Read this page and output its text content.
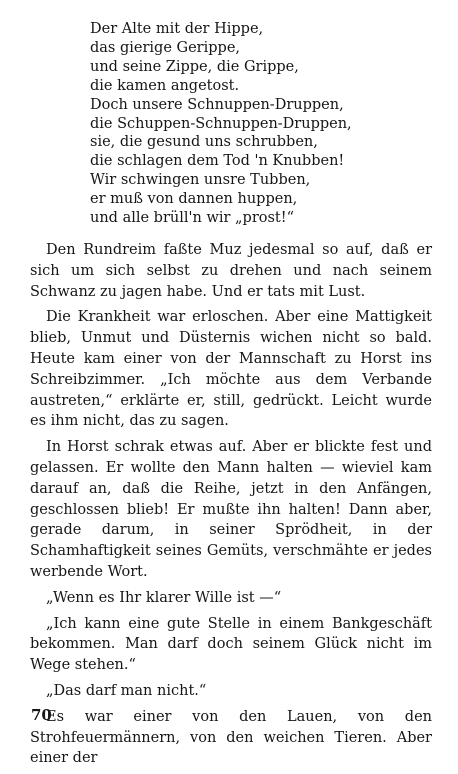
Der Alte mit der Hippe,
das gierige Gerippe,
und seine Zippe, die Grippe,
die kamen angetost.
Doch unsere Schnuppen-Druppen,
die Schuppen-Schnuppen-Druppen,
sie, die gesund uns schrubben,
die schlagen dem Tod 'n Knubben!
Wir schwingen unsre Tubben,
er muß von dannen huppen,
und alle brüll'n wir „prost!“

Den Rundreim faßte Muz jedesmal so auf, daß er sich um sich selbst zu drehen und nach seinem Schwanz zu jagen habe. Und er tats mit Lust.

Die Krankheit war erloschen. Aber eine Mattigkeit blieb, Unmut und Düsternis wichen nicht so bald. Heute kam einer von der Mannschaft zu Horst ins Schreibzimmer. „Ich möchte aus dem Verbande austreten,“ erklärte er, still, gedrückt. Leicht wurde es ihm nicht, das zu sagen.

In Horst schrak etwas auf. Aber er blickte fest und gelassen. Er wollte den Mann halten — wieviel kam darauf an, daß die Reihe, jetzt in den Anfängen, geschlossen blieb! Er mußte ihn halten! Dann aber, gerade darum, in seiner Sprödheit, in der Schamhaftigkeit seines Gemüts, verschmähte er jedes werbende Wort.

„Wenn es Ihr klarer Wille ist —“

„Ich kann eine gute Stelle in einem Bankgeschäft bekommen. Man darf doch seinem Glück nicht im Wege stehen.“

„Das darf man nicht.“

Es war einer von den Lauen, von den Strohfeuermännern, von den weichen Tieren. Aber einer der

70
